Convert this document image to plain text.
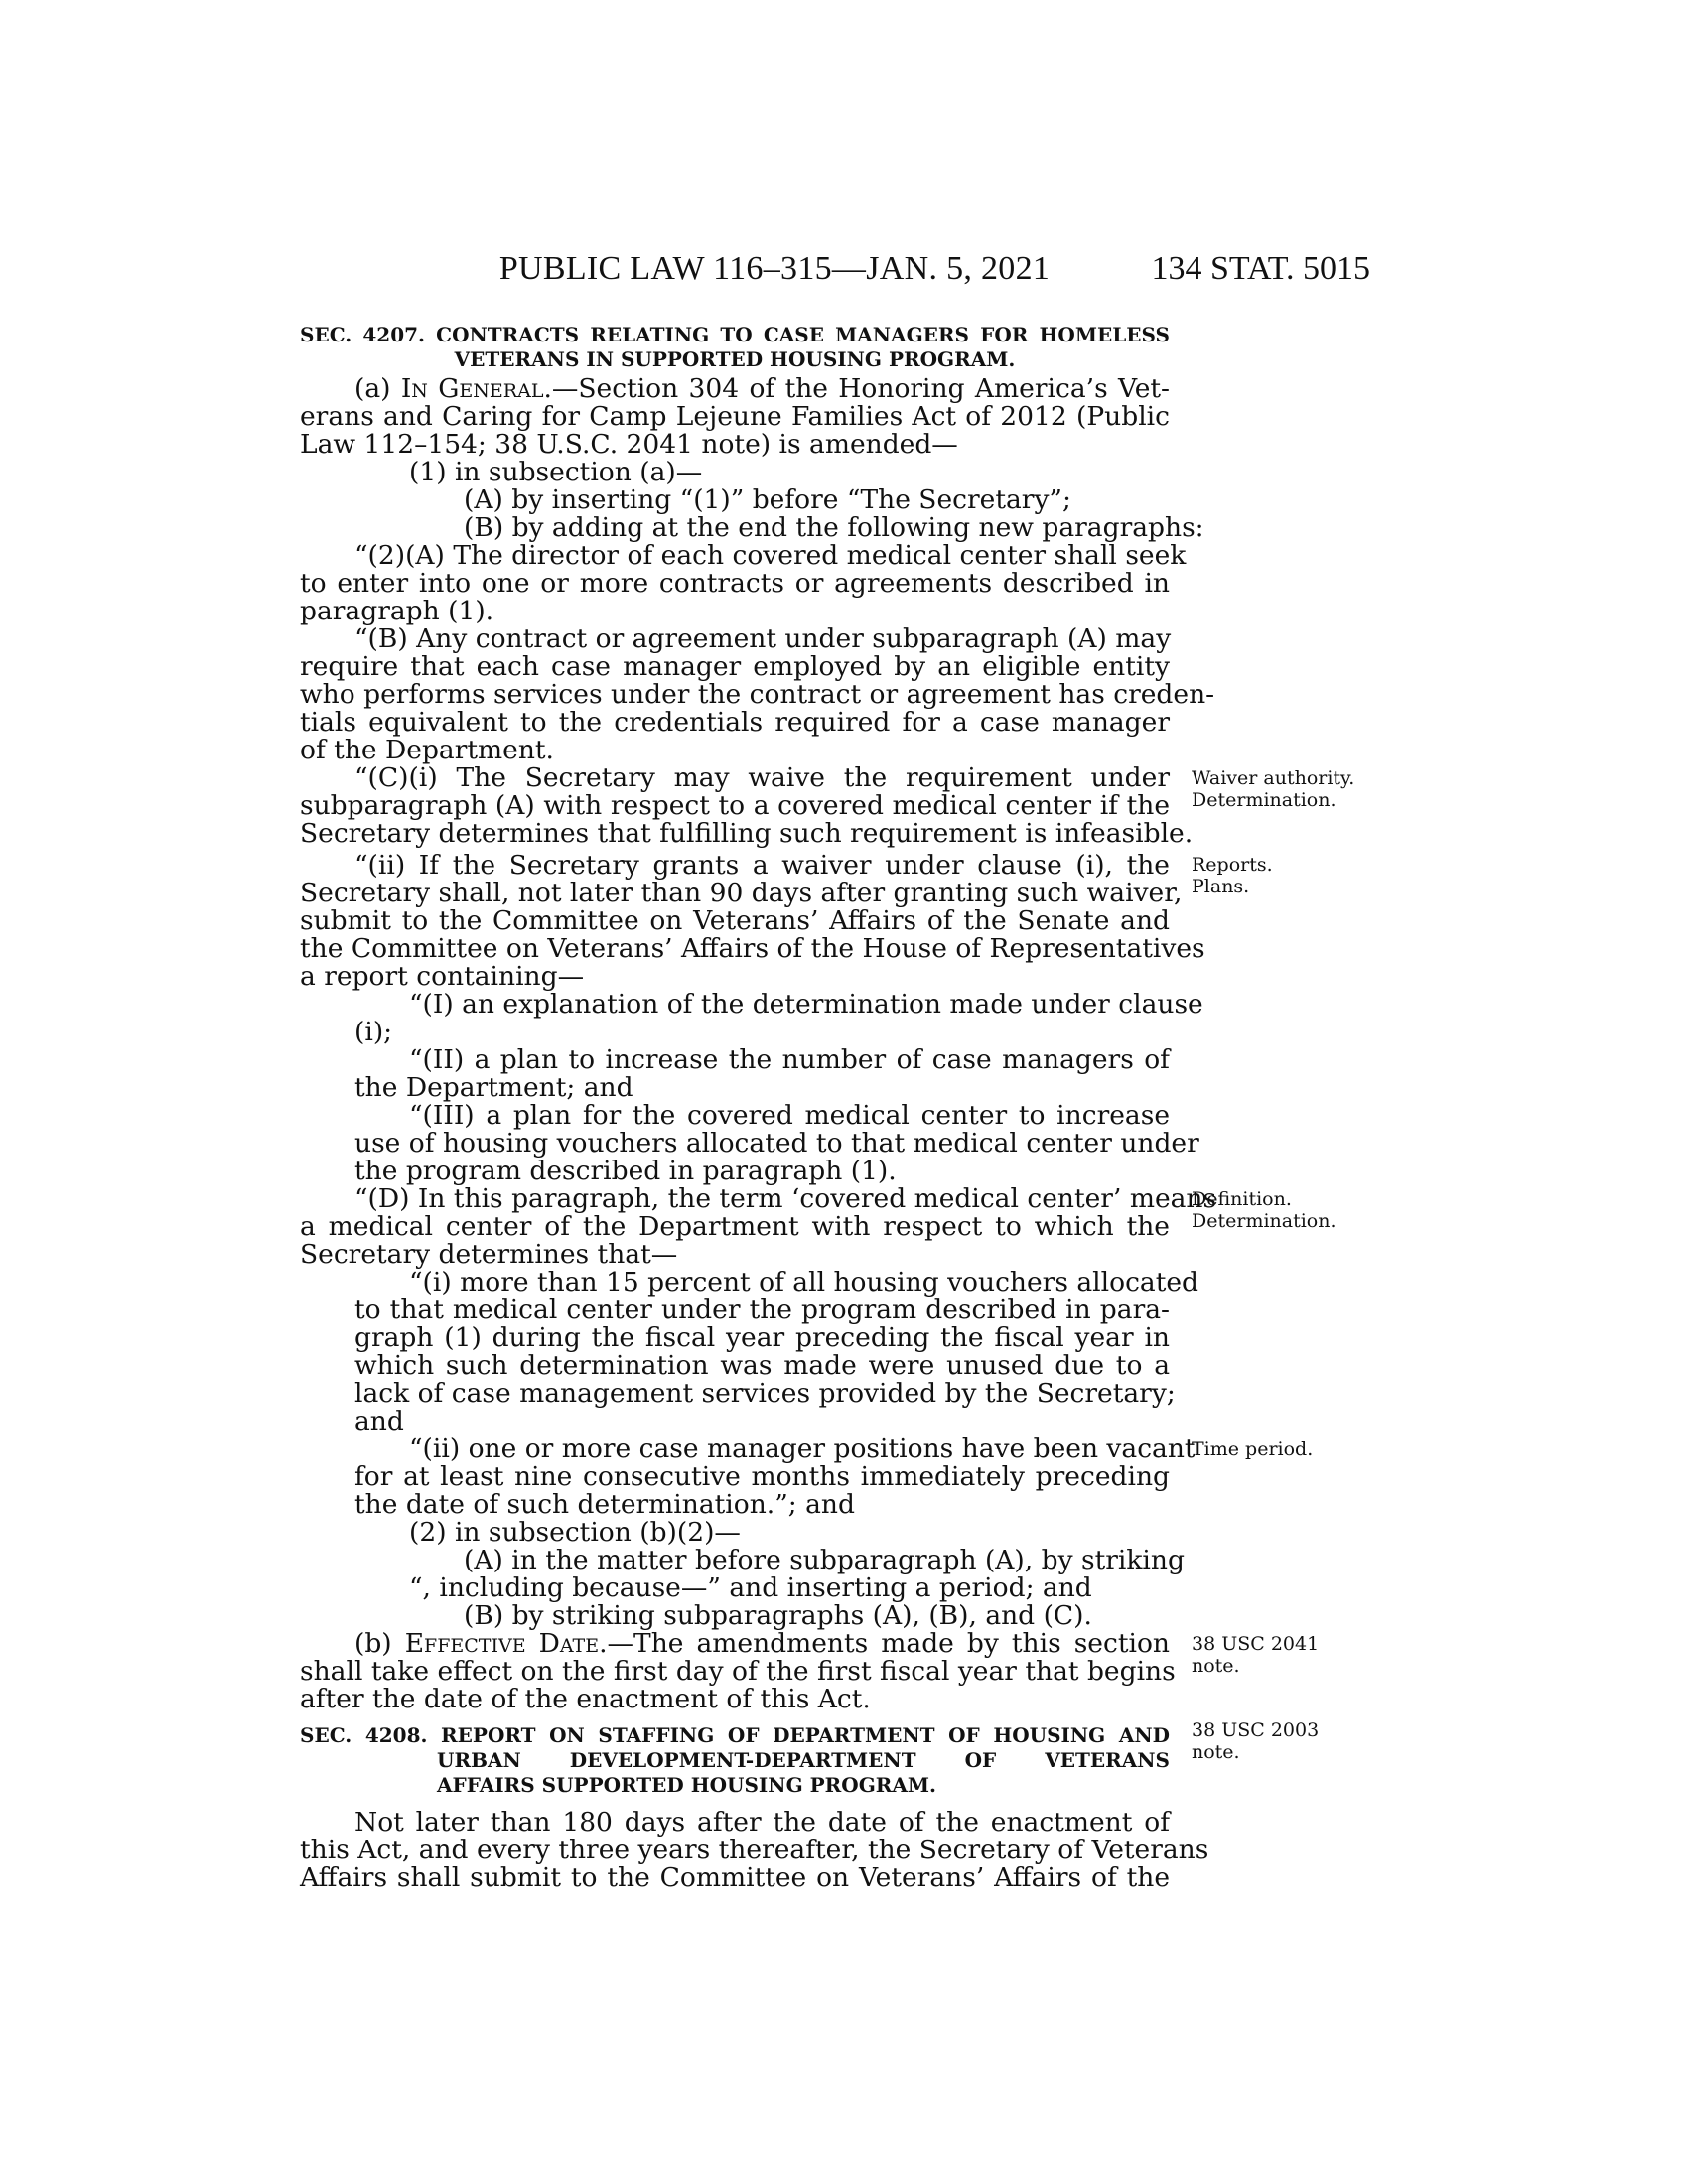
PUBLIC LAW 116–315—JAN. 5, 2021	134 STAT. 5015
SEC. 4207. CONTRACTS RELATING TO CASE MANAGERS FOR HOMELESS
VETERANS IN SUPPORTED HOUSING PROGRAM.
(a) In General.—Section 304 of the Honoring America’s Vet-
erans and Caring for Camp Lejeune Families Act of 2012 (Public
Law 112–154; 38 U.S.C. 2041 note) is amended—
(1) in subsection (a)—
(A) by inserting “(1)” before “The Secretary”;
(B) by adding at the end the following new paragraphs:
“(2)(A) The director of each covered medical center shall seek
to enter into one or more contracts or agreements described in
paragraph (1).
“(B) Any contract or agreement under subparagraph (A) may
require that each case manager employed by an eligible entity
who performs services under the contract or agreement has creden-
tials equivalent to the credentials required for a case manager
of the Department.
“(C)(i) The Secretary may waive the requirement under
subparagraph (A) with respect to a covered medical center if the
Secretary determines that fulfilling such requirement is infeasible.
“(ii) If the Secretary grants a waiver under clause (i), the
Secretary shall, not later than 90 days after granting such waiver,
submit to the Committee on Veterans’ Affairs of the Senate and
the Committee on Veterans’ Affairs of the House of Representatives
a report containing—
“(I) an explanation of the determination made under clause
(i);
“(II) a plan to increase the number of case managers of
the Department; and
“(III) a plan for the covered medical center to increase
use of housing vouchers allocated to that medical center under
the program described in paragraph (1).
“(D) In this paragraph, the term ‘covered medical center’ means
a medical center of the Department with respect to which the
Secretary determines that—
“(i) more than 15 percent of all housing vouchers allocated
to that medical center under the program described in para-
graph (1) during the fiscal year preceding the fiscal year in
which such determination was made were unused due to a
lack of case management services provided by the Secretary;
and
“(ii) one or more case manager positions have been vacant
for at least nine consecutive months immediately preceding
the date of such determination.”; and
(2) in subsection (b)(2)—
(A) in the matter before subparagraph (A), by striking
“, including because—” and inserting a period; and
(B) by striking subparagraphs (A), (B), and (C).
(b) Effective Date.—The amendments made by this section
shall take effect on the first day of the first fiscal year that begins
after the date of the enactment of this Act.
SEC. 4208. REPORT ON STAFFING OF DEPARTMENT OF HOUSING AND
URBAN DEVELOPMENT-DEPARTMENT OF VETERANS
AFFAIRS SUPPORTED HOUSING PROGRAM.
Not later than 180 days after the date of the enactment of
this Act, and every three years thereafter, the Secretary of Veterans
Affairs shall submit to the Committee on Veterans’ Affairs of the
Waiver authority.
Determination.
Reports.
Plans.
Definition.
Determination.
Time period.
38 USC 2041
note.
38 USC 2003
note.
